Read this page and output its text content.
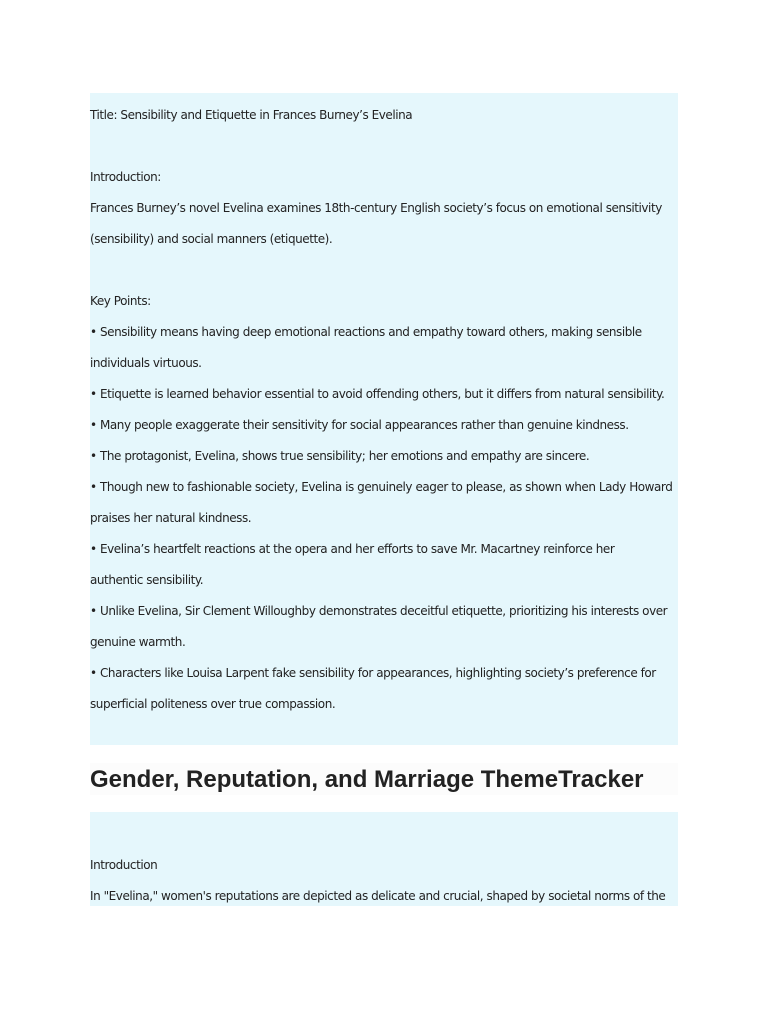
Title: Sensibility and Etiquette in Frances Burney’s Evelina
Introduction:
Frances Burney’s novel Evelina examines 18th-century English society’s focus on emotional sensitivity
(sensibility) and social manners (etiquette).
Key Points:
• Sensibility means having deep emotional reactions and empathy toward others, making sensible
individuals virtuous.
• Etiquette is learned behavior essential to avoid offending others, but it differs from natural sensibility.
• Many people exaggerate their sensitivity for social appearances rather than genuine kindness.
• The protagonist, Evelina, shows true sensibility; her emotions and empathy are sincere.
• Though new to fashionable society, Evelina is genuinely eager to please, as shown when Lady Howard
praises her natural kindness.
• Evelina’s heartfelt reactions at the opera and her efforts to save Mr. Macartney reinforce her
authentic sensibility.
• Unlike Evelina, Sir Clement Willoughby demonstrates deceitful etiquette, prioritizing his interests over
genuine warmth.
• Characters like Louisa Larpent fake sensibility for appearances, highlighting society’s preference for
superficial politeness over true compassion.
Gender, Reputation, and Marriage ThemeTracker
Introduction
In "Evelina," women's reputations are depicted as delicate and crucial, shaped by societal norms of the
